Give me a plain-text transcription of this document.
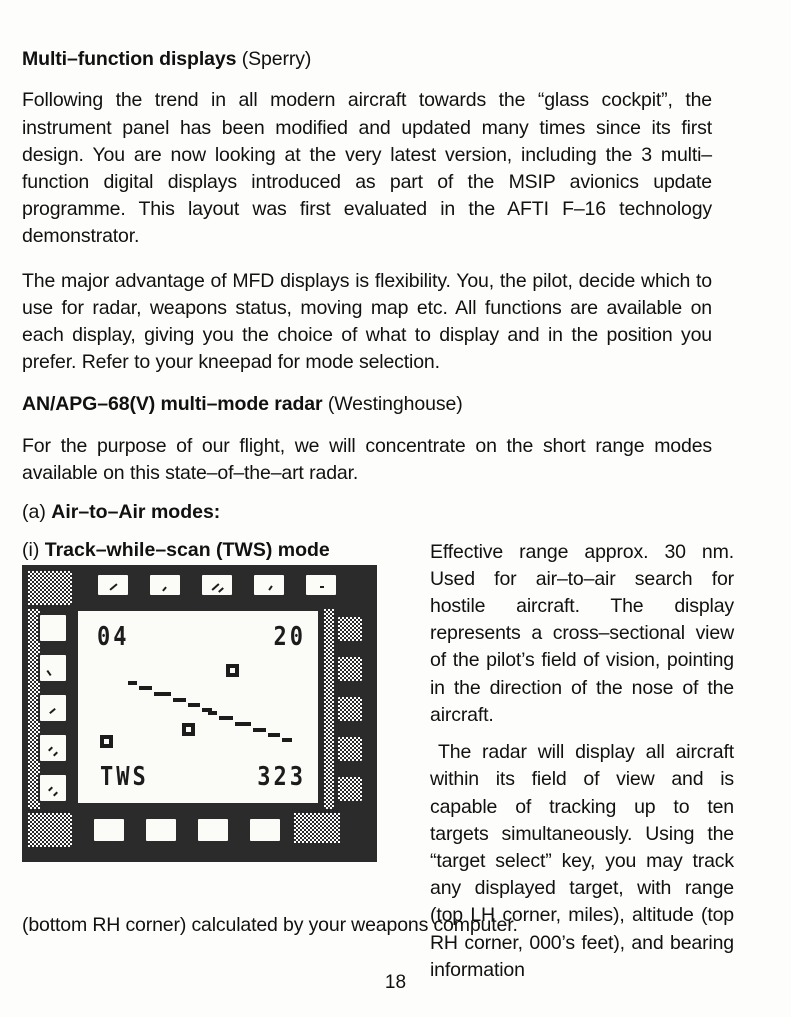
Multi–function displays (Sperry)

Following the trend in all modern aircraft towards the “glass cockpit”, the instrument panel has been modified and updated many times since its first design. You are now looking at the very latest version, including the 3 multi–function digital displays introduced as part of the MSIP avionics update programme. This layout was first evaluated in the AFTI F–16 technology demonstrator.

The major advantage of MFD displays is flexibility. You, the pilot, decide which to use for radar, weapons status, moving map etc. All functions are available on each display, giving you the choice of what to display and in the position you prefer. Refer to your kneepad for mode selection.

AN/APG–68(V) multi–mode radar (Westinghouse)

For the purpose of our flight, we will concentrate on the short range modes available on this state–of–the–art radar.

(a) Air–to–Air modes:
(i) Track–while–scan (TWS) mode	Effective range approx. 30 nm. Used for air–to–air search for hostile aircraft. The display represents a cross–sectional view of the pilot’s field of vision, pointing in the direction of the nose of the aircraft.

The radar will display all aircraft within its field of view and is capable of tracking up to ten targets simultaneously. Using the “target select” key, you may track any displayed target, with range (top LH corner, miles), altitude (top RH corner, 000’s feet), and bearing information

04	20
TWS	323
(bottom RH corner) calculated by your weapons computer.
18
